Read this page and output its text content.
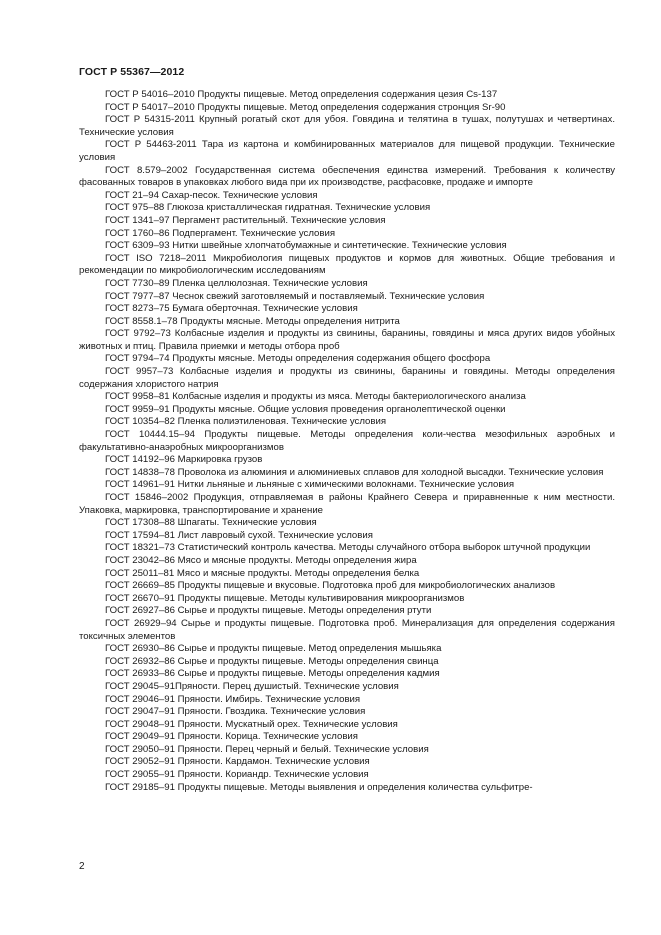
ГОСТ Р 55367—2012

ГОСТ Р 54016–2010 Продукты пищевые. Метод определения содержания цезия Cs-137

ГОСТ Р 54017–2010 Продукты пищевые. Метод определения содержания стронция Sr-90

ГОСТ Р 54315-2011 Крупный рогатый скот для убоя. Говядина и телятина в тушах, полутушах и четвертинах. Технические условия

ГОСТ Р 54463-2011 Тара из картона и комбинированных материалов для пищевой продукции. Технические условия

ГОСТ 8.579–2002 Государственная система обеспечения единства измерений. Требования к количеству фасованных товаров в упаковках любого вида при их производстве, расфасовке, продаже и импорте

ГОСТ 21–94 Сахар-песок. Технические условия

ГОСТ 975–88 Глюкоза кристаллическая гидратная. Технические условия

ГОСТ 1341–97 Пергамент растительный. Технические условия

ГОСТ 1760–86 Подпергамент. Технические условия

ГОСТ 6309–93 Нитки швейные хлопчатобумажные и синтетические. Технические условия

ГОСТ ISO 7218–2011 Микробиология пищевых продуктов и кормов для животных. Общие требования и рекомендации по микробиологическим исследованиям

ГОСТ 7730–89 Пленка целлюлозная. Технические условия

ГОСТ 7977–87 Чеснок свежий заготовляемый и поставляемый. Технические условия

ГОСТ 8273–75 Бумага оберточная. Технические условия

ГОСТ 8558.1–78 Продукты мясные. Методы определения нитрита

ГОСТ 9792–73 Колбасные изделия и продукты из свинины, баранины, говядины и мяса других видов убойных животных и птиц. Правила приемки и методы отбора проб

ГОСТ 9794–74 Продукты мясные. Методы определения содержания общего фосфора

ГОСТ 9957–73 Колбасные изделия и продукты из свинины, баранины и говядины. Методы определения содержания хлористого натрия

ГОСТ 9958–81 Колбасные изделия и продукты из мяса. Методы бактериологического анализа

ГОСТ 9959–91 Продукты мясные. Общие условия проведения органолептической оценки

ГОСТ 10354–82 Пленка полиэтиленовая. Технические условия

ГОСТ 10444.15–94 Продукты пищевые. Методы определения коли-чества мезофильных аэробных и факультативно-анаэробных микроорганизмов

ГОСТ 14192–96 Маркировка грузов

ГОСТ 14838–78 Проволока из алюминия и алюминиевых сплавов для холодной высадки. Технические условия

ГОСТ 14961–91 Нитки льняные и льняные с химическими волокнами. Технические условия

ГОСТ 15846–2002 Продукция, отправляемая в районы Крайнего Севера и приравненные к ним местности. Упаковка, маркировка, транспортирование и хранение

ГОСТ 17308–88 Шпагаты. Технические условия

ГОСТ 17594–81 Лист лавровый сухой. Технические условия

ГОСТ 18321–73 Статистический контроль качества. Методы случайного отбора выборок штучной продукции

ГОСТ 23042–86 Мясо и мясные продукты. Методы определения жира

ГОСТ 25011–81 Мясо и мясные продукты. Методы определения белка

ГОСТ 26669–85 Продукты пищевые и вкусовые. Подготовка проб для микробиологических анализов

ГОСТ 26670–91 Продукты пищевые. Методы культивирования микроорганизмов

ГОСТ 26927–86 Сырье и продукты пищевые. Методы определения ртути

ГОСТ 26929–94 Сырье и продукты пищевые. Подготовка проб. Минерализация для определения содержания токсичных элементов

ГОСТ 26930–86 Сырье и продукты пищевые. Метод определения мышьяка

ГОСТ 26932–86 Сырье и продукты пищевые. Методы определения свинца

ГОСТ 26933–86 Сырье и продукты пищевые. Методы определения кадмия

ГОСТ 29045–91Пряности. Перец душистый. Технические условия

ГОСТ 29046–91 Пряности. Имбирь. Технические условия

ГОСТ 29047–91 Пряности. Гвоздика. Технические условия

ГОСТ 29048–91 Пряности. Мускатный орех. Технические условия

ГОСТ 29049–91 Пряности. Корица. Технические условия

ГОСТ 29050–91 Пряности. Перец черный и белый. Технические условия

ГОСТ 29052–91 Пряности. Кардамон. Технические условия

ГОСТ 29055–91 Пряности. Кориандр. Технические условия

ГОСТ 29185–91 Продукты пищевые. Методы выявления и определения количества сульфитре-

2
